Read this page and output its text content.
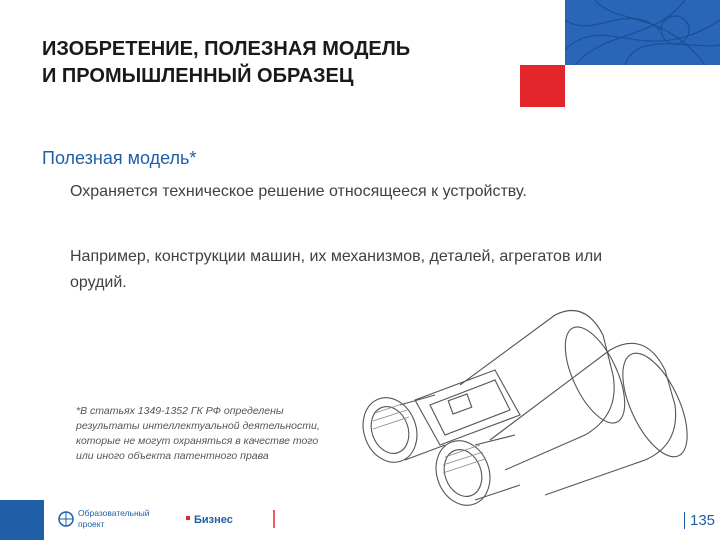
ИЗОБРЕТЕНИЕ, ПОЛЕЗНАЯ МОДЕЛЬ
И ПРОМЫШЛЕННЫЙ ОБРАЗЕЦ
Полезная модель*
Охраняется техническое решение относящееся к устройству.
Например, конструкции машин, их механизмов, деталей, агрегатов или орудий.
*В статьях 1349-1352 ГК РФ определены результаты интеллектуальной деятельности, которые не могут охраняться в качестве того или иного объекта патентного права
Образовательный
проект	Бизнес	135
